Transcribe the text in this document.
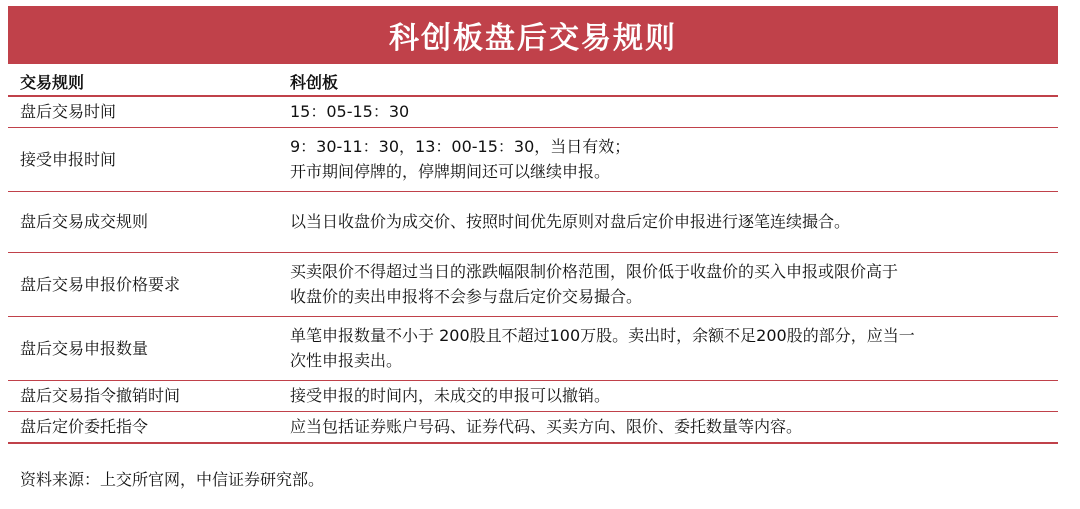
科创板盘后交易规则
交易规则	科创板
盘后交易时间	15：05-15：30

接受申报时间	9：30-11：30，13：00-15：30，当日有效；
开市期间停牌的，停牌期间还可以继续申报。

盘后交易成交规则	以当日收盘价为成交价、按照时间优先原则对盘后定价申报进行逐笔连续撮合。

盘后交易申报价格要求	买卖限价不得超过当日的涨跌幅限制价格范围，限价低于收盘价的买入申报或限价高于
收盘价的卖出申报将不会参与盘后定价交易撮合。

盘后交易申报数量	单笔申报数量不小于 200股且不超过100万股。卖出时，余额不足200股的部分，应当一
次性申报卖出。

盘后交易指令撤销时间	接受申报的时间内，未成交的申报可以撤销。

盘后定价委托指令	应当包括证券账户号码、证券代码、买卖方向、限价、委托数量等内容。
资料来源：上交所官网，中信证券研究部。
